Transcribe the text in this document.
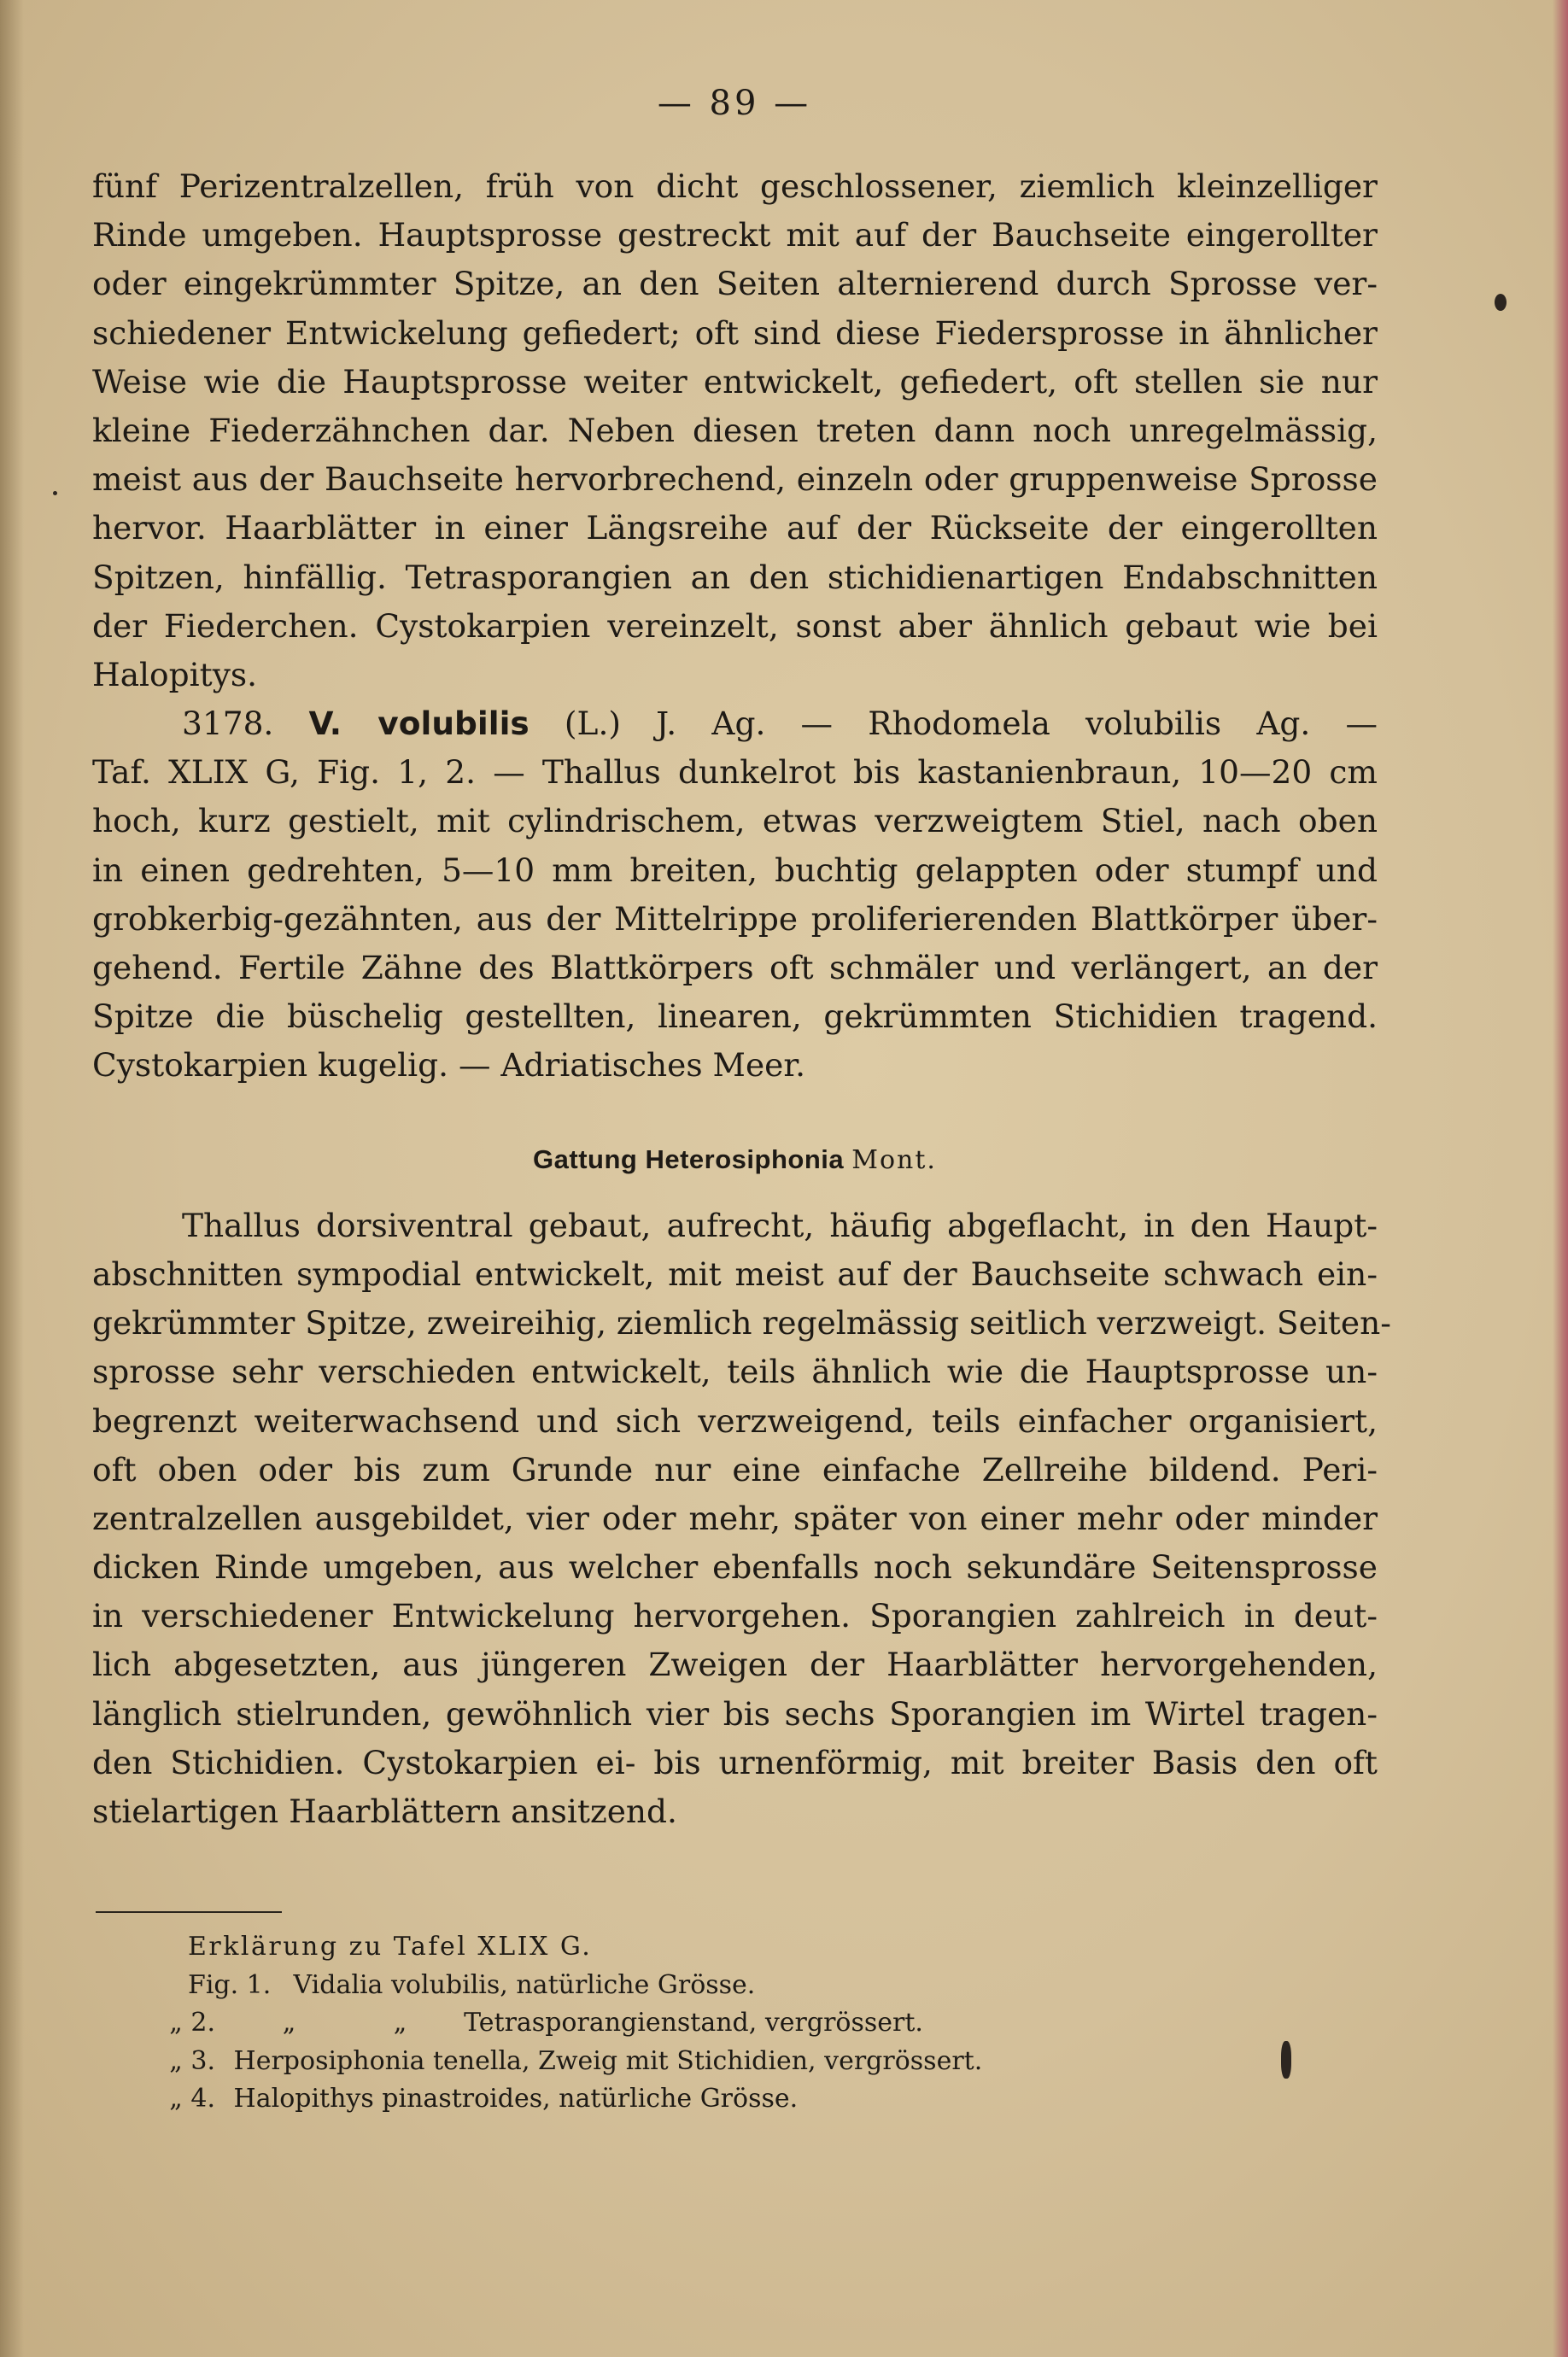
— 89 —
fünf Perizentralzellen, früh von dicht geschlossener, ziemlich kleinzelliger
Rinde umgeben. Hauptsprosse gestreckt mit auf der Bauchseite eingerollter
oder eingekrümmter Spitze, an den Seiten alternierend durch Sprosse ver-
schiedener Entwickelung gefiedert; oft sind diese Fiedersprosse in ähnlicher
Weise wie die Hauptsprosse weiter entwickelt, gefiedert, oft stellen sie nur
kleine Fiederzähnchen dar. Neben diesen treten dann noch unregelmässig,
meist aus der Bauchseite hervorbrechend, einzeln oder gruppenweise Sprosse
hervor. Haarblätter in einer Längsreihe auf der Rückseite der eingerollten
Spitzen, hinfällig. Tetrasporangien an den stichidienartigen Endabschnitten
der Fiederchen. Cystokarpien vereinzelt, sonst aber ähnlich gebaut wie bei
Halopitys.
3178. V. volubilis (L.) J. Ag. — Rhodomela volubilis Ag. —
Taf. XLIX G, Fig. 1, 2. — Thallus dunkelrot bis kastanienbraun, 10—20 cm
hoch, kurz gestielt, mit cylindrischem, etwas verzweigtem Stiel, nach oben
in einen gedrehten, 5—10 mm breiten, buchtig gelappten oder stumpf und
grobkerbig-gezähnten, aus der Mittelrippe proliferierenden Blattkörper über-
gehend. Fertile Zähne des Blattkörpers oft schmäler und verlängert, an der
Spitze die büschelig gestellten, linearen, gekrümmten Stichidien tragend.
Cystokarpien kugelig. — Adriatisches Meer.
Gattung Heterosiphonia Mont.
Thallus dorsiventral gebaut, aufrecht, häufig abgeflacht, in den Haupt-
abschnitten sympodial entwickelt, mit meist auf der Bauchseite schwach ein-
gekrümmter Spitze, zweireihig, ziemlich regelmässig seitlich verzweigt. Seiten-
sprosse sehr verschieden entwickelt, teils ähnlich wie die Hauptsprosse un-
begrenzt weiterwachsend und sich verzweigend, teils einfacher organisiert,
oft oben oder bis zum Grunde nur eine einfache Zellreihe bildend. Peri-
zentralzellen ausgebildet, vier oder mehr, später von einer mehr oder minder
dicken Rinde umgeben, aus welcher ebenfalls noch sekundäre Seitensprosse
in verschiedener Entwickelung hervorgehen. Sporangien zahlreich in deut-
lich abgesetzten, aus jüngeren Zweigen der Haarblätter hervorgehenden,
länglich stielrunden, gewöhnlich vier bis sechs Sporangien im Wirtel tragen-
den Stichidien. Cystokarpien ei- bis urnenförmig, mit breiter Basis den oft
stielartigen Haarblättern ansitzend.
Erklärung zu Tafel XLIX G.
Fig. 1. Vidalia volubilis, natürliche Grösse.
„ 2.	„	„ Tetrasporangienstand, vergrössert.
„ 3. Herposiphonia tenella, Zweig mit Stichidien, vergrössert.
„ 4. Halopithys pinastroides, natürliche Grösse.
